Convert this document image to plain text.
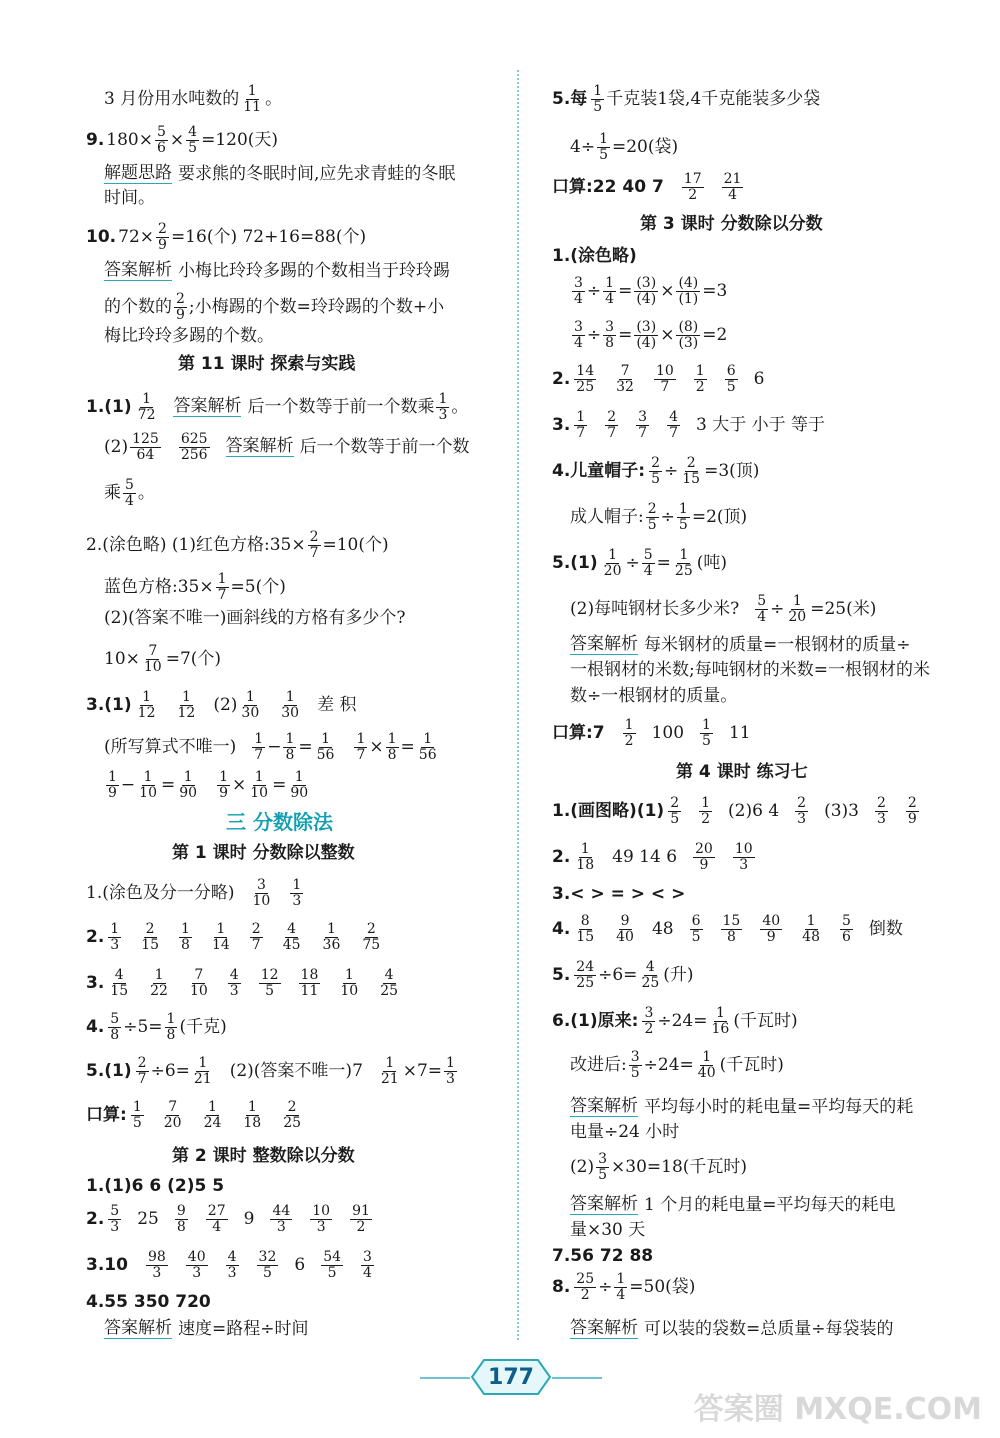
3 月份用水吨数的 $\frac{1}{11}$ 。
9. $180\times \frac{5}{6} \times \frac{4}{5} =120$(天)
解题思路 要求熊的冬眠时间,应先求青蛙的冬眠
时间。
10. $72\times \frac{2}{9} =16$(个) 72+16=88(个)
答案解析 小梅比玲玲多踢的个数相当于玲玲踢
的个数的 $\frac{2}{9}$ ;小梅踢的个数=玲玲踢的个数+小
梅比玲玲多踢的个数。
第 11 课时 探索与实践
$1.(1) \frac{1}{72}$ 答案解析 后一个数等于前一个数乘 $\frac{1}{3}$ 。
$(2) \frac{125}{64} \frac{625}{256}$ 答案解析 后一个数等于前一个数
乘 $\frac{5}{4}$ 。
2.(涂色略) (1)红色方格:35× $\frac{2}{7} =10$(个)
蓝色方格:35× $\frac{1}{7} =5$(个)
(2)(答案不唯一)画斜线的方格有多少个?
$10\times \frac{7}{10} =7$(个)
$3.(1) \frac{1}{12} \frac{1}{12} (2) \frac{1}{30} \frac{1}{30}$ 差 积
(所写算式不唯一) $\frac{1}{7} - \frac{1}{8} = \frac{1}{56} \frac{1}{7} \times \frac{1}{8} = \frac{1}{56}$
$\frac{1}{9} - \frac{1}{10} = \frac{1}{90} \frac{1}{9} \times \frac{1}{10} = \frac{1}{90}$
三 分数除法
第 1 课时 分数除以整数
1.(涂色及分一分略) $\frac{3}{10} \frac{1}{3}$
2. $\frac{1}{3} \frac{2}{15} \frac{1}{8} \frac{1}{14} \frac{2}{7} \frac{4}{45} \frac{1}{36} \frac{2}{75}$
3. $\frac{4}{15} \frac{1}{22} \frac{7}{10} \frac{4}{3} \frac{12}{5} \frac{18}{11} \frac{1}{10} \frac{4}{25}$
4. $\frac{5}{8} \div 5= \frac{1}{8}$ (千克)
$5.(1) \frac{2}{7} \div 6= \frac{1}{21} (2)$(答案不唯一)$7 \frac{1}{21} \times 7= \frac{1}{3}$
口算: $\frac{1}{5} \frac{7}{20} \frac{1}{24} \frac{1}{18} \frac{2}{25}$
第 2 课时 整数除以分数
1.(1)6 6 (2)5 5
2. $\frac{5}{3} 25 \frac{9}{8} \frac{27}{4} 9 \frac{44}{3} \frac{10}{3} \frac{91}{2}$
$3.10 \frac{98}{3} \frac{40}{3} \frac{4}{3} \frac{32}{5} 6 \frac{54}{5} \frac{3}{4}$
4.55 350 720
答案解析 速度=路程÷时间
5.每 $\frac{1}{5}$ 千克装1袋,4千克能装多少袋
$4\div \frac{1}{5} =20$(袋)
口算:22 40 $7 \frac{17}{2} \frac{21}{4}$
第 3 课时 分数除以分数
1.(涂色略)
$\frac{3}{4} \div \frac{1}{4} = \frac{(3)}{(4)} \times \frac{(4)}{(1)} =3$
$\frac{3}{4} \div \frac{3}{8} = \frac{(3)}{(4)} \times \frac{(8)}{(3)} =2$
2. $\frac{14}{25} \frac{7}{32} \frac{10}{7} \frac{1}{2} \frac{6}{5} 6$
3. $\frac{1}{7} \frac{2}{7} \frac{3}{7} \frac{4}{7} 3$ 大于 小于 等于
4.儿童帽子: $\frac{2}{5} \div \frac{2}{15} =3$(顶)
成人帽子: $\frac{2}{5} \div \frac{1}{5} =2$(顶)
$5.(1) \frac{1}{20} \div \frac{5}{4} = \frac{1}{25}$ (吨)
(2)每吨钢材长多少米? $\frac{5}{4} \div \frac{1}{20} =25$(米)
答案解析 每米钢材的质量=一根钢材的质量÷
一根钢材的米数;每吨钢材的米数=一根钢材的米
数÷一根钢材的质量。
口算:7 $\frac{1}{2} 100 \frac{1}{5} 11$
第 4 课时 练习七
1.(画图略)$(1) \frac{2}{5} \frac{1}{2} (2)6$ $4 \frac{2}{3} (3)3 \frac{2}{3} \frac{2}{9}$
2. $\frac{1}{18} 49$ 14 $6 \frac{20}{9} \frac{10}{3}$
3.< > = > < >
4. $\frac{8}{15} \frac{9}{40} 48 \frac{6}{5} \frac{15}{8} \frac{40}{9} \frac{1}{48} \frac{5}{6}$ 倒数
5. $\frac{24}{25} \div 6= \frac{4}{25}$ (升)
6.(1)原来: $\frac{3}{2} \div 24= \frac{1}{16}$ (千瓦时)
改进后: $\frac{3}{5} \div 24= \frac{1}{40}$ (千瓦时)
答案解析 平均每小时的耗电量=平均每天的耗
电量÷24 小时
$(2) \frac{3}{5} \times 30=18$(千瓦时)
答案解析 1 个月的耗电量=平均每天的耗电
量×30 天
7.56 72 88
8. $\frac{25}{2} \div \frac{1}{4} =50$(袋)
答案解析 可以装的袋数=总质量÷每袋装的
177
答案圈 MXQE.COM
